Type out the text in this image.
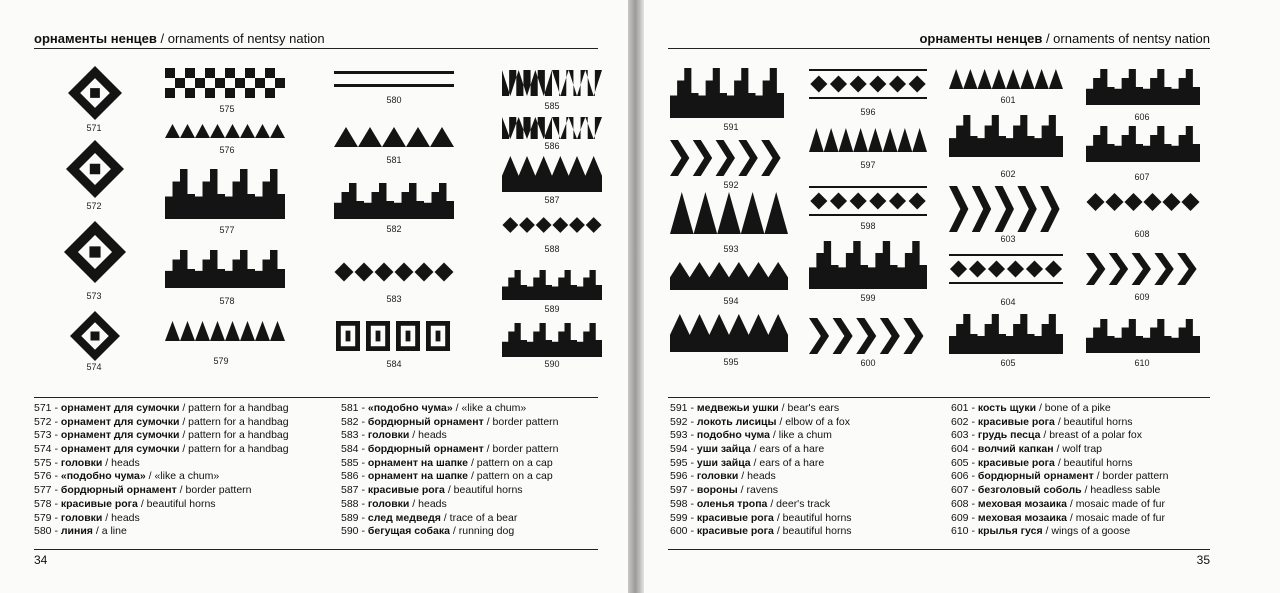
орнаменты ненцев / ornaments of nentsy nation
571
572
573
574
575
576
577
578
579
580
581
582
583
584
585
586
587
588
589
590
571 - орнамент для сумочки / pattern for a handbag
572 - орнамент для сумочки / pattern for a handbag
573 - орнамент для сумочки / pattern for a handbag
574 - орнамент для сумочки / pattern for a handbag
575 - головки / heads
576 - «подобно чума» / «like a chum»
577 - бордюрный орнамент / border pattern
578 - красивые рога / beautiful horns
579 - головки / heads
580 - линия / a line
581 - «подобно чума» / «like a chum»
582 - бордюрный орнамент / border pattern
583 - головки / heads
584 - бордюрный орнамент / border pattern
585 - орнамент на шапке / pattern on a cap
586 - орнамент на шапке / pattern on a cap
587 - красивые рога / beautiful horns
588 - головки / heads
589 - след медведя / trace of a bear
590 - бегущая собака / running dog
34
орнаменты ненцев / ornaments of nentsy nation
591
592
593
594
595
596
597
598
599
600
601
602
603
604
605
606
607
608
609
610
591 - медвежьи ушки / bear's ears
592 - локоть лисицы / elbow of a fox
593 - подобно чума / like a chum
594 - уши зайца / ears of a hare
595 - уши зайца / ears of a hare
596 - головки / heads
597 - вороны / ravens
598 - оленья тропа / deer's track
599 - красивые рога / beautiful horns
600 - красивые рога / beautiful horns
601 - кость щуки / bone of a pike
602 - красивые рога / beautiful horns
603 - грудь песца / breast of a polar fox
604 - волчий капкан / wolf trap
605 - красивые рога / beautiful horns
606 - бордюрный орнамент / border pattern
607 - безголовый соболь / headless sable
608 - меховая мозаика / mosaic made of fur
609 - меховая мозаика / mosaic made of fur
610 - крылья гуся / wings of a goose
35
